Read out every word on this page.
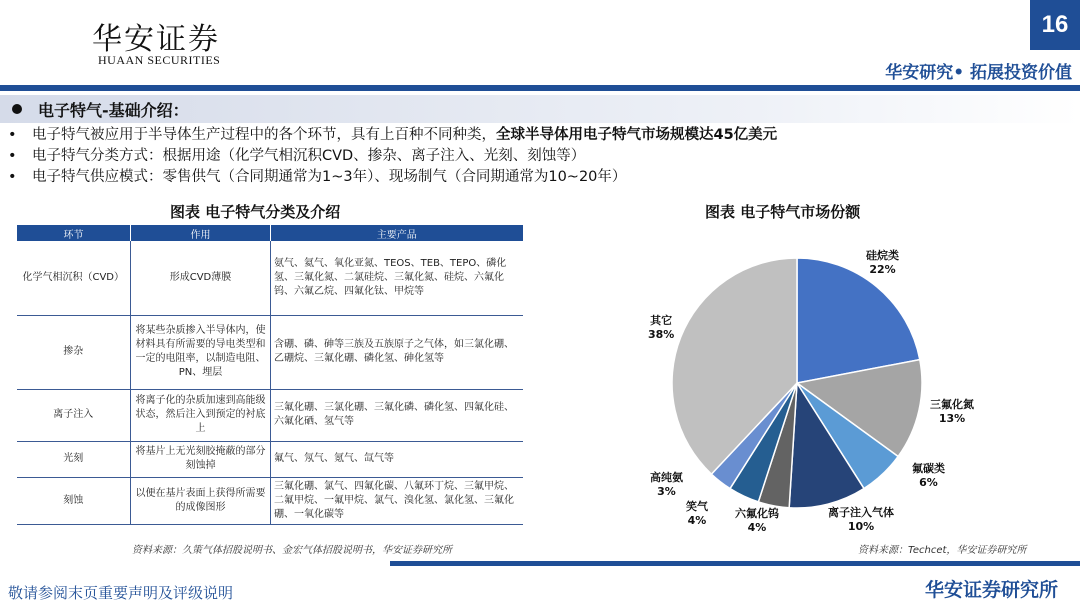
华安证券
HUAAN SECURITIES
16
华安研究• 拓展投资价值
电子特气-基础介绍：
• 电子特气被应用于半导体生产过程中的各个环节，具有上百种不同种类，全球半导体用电子特气市场规模达45亿美元
• 电子特气分类方式：根据用途（化学气相沉积CVD、掺杂、离子注入、光刻、刻蚀等）
• 电子特气供应模式：零售供气（合同期通常为1~3年）、现场制气（合同期通常为10~20年）
图表 电子特气分类及介绍
环节	作用	主要产品
化学气相沉积（CVD）	形成CVD薄膜	氨气、氦气、氧化亚氮、TEOS、TEB、TEPO、磷化氢、三氟化氮、二氯硅烷、三氟化氮、硅烷、六氟化钨、六氟乙烷、四氟化钛、甲烷等
掺杂	将某些杂质掺入半导体内，使材料具有所需要的导电类型和一定的电阻率，以制造电阻、PN、埋层	含硼、磷、砷等三族及五族原子之气体，如三氯化硼、乙硼烷、三氟化硼、磷化氢、砷化氢等
离子注入	将离子化的杂质加速到高能级状态，然后注入到预定的衬底上	三氟化硼、三氯化硼、三氟化磷、磷化氢、四氟化硅、六氟化硒、氢气等
光刻	将基片上无光刻胶掩蔽的部分刻蚀掉	氟气、氖气、氪气、氙气等
刻蚀	以便在基片表面上获得所需要的成像图形	三氟化硼、氯气、四氟化碳、八氟环丁烷、三氟甲烷、二氟甲烷、一氟甲烷、氯气、溴化氢、氯化氢、三氟化硼、一氧化碳等
资料来源：久策气体招股说明书、金宏气体招股说明书，华安证券研究所
图表 电子特气市场份额
硅烷类
22%
三氟化氮
13%
氟碳类
6%
离子注入气体
10%
六氟化钨
4%
笑气
4%
高纯氨
3%
其它
38%
资料来源：Techcet，华安证券研究所
敬请参阅末页重要声明及评级说明	华安证券研究所
